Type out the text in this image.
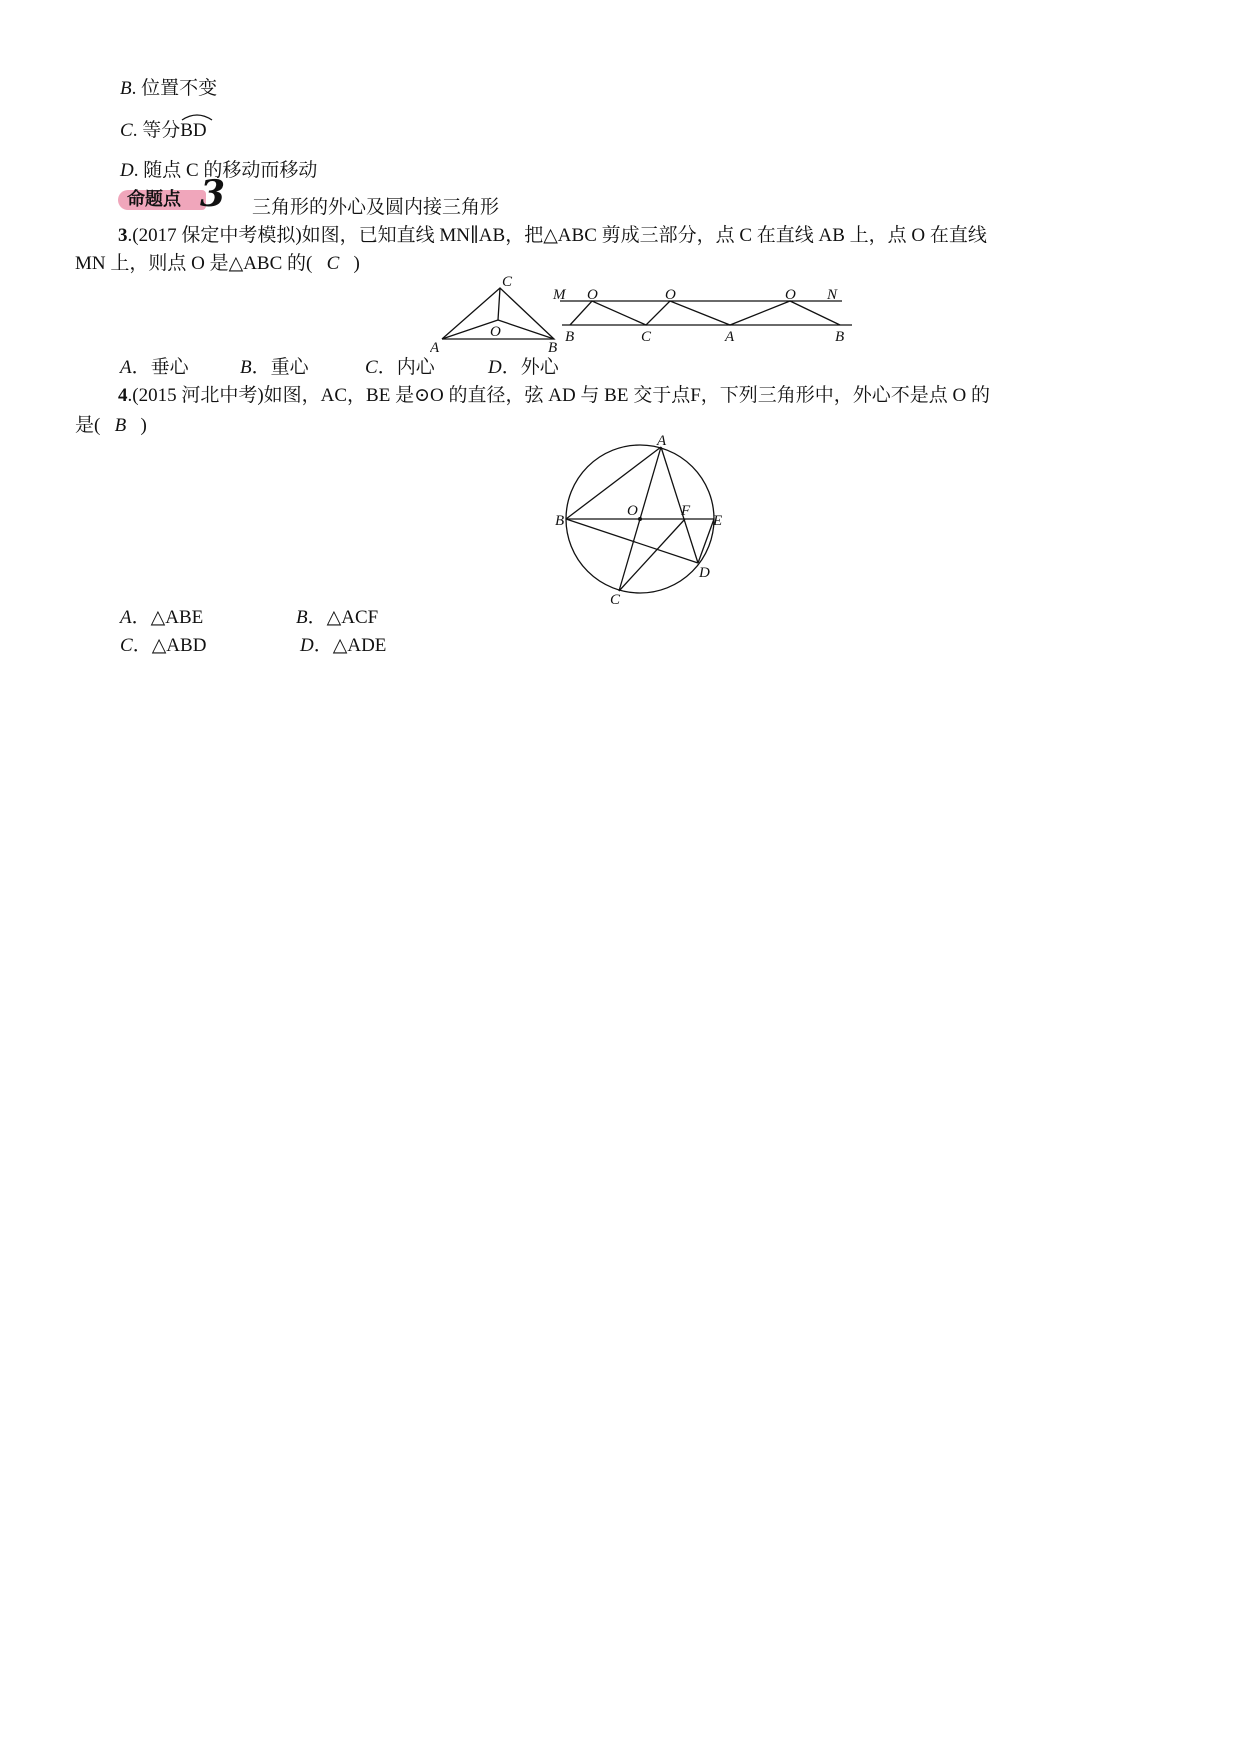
B. 位置不变
C. 等分
BD
D. 随点 C 的移动而移动
命题点 3 三角形的外心及圆内接三角形
3.(2017 保定中考模拟)如图，已知直线 MN∥AB，把△ABC 剪成三部分，点 C 在直线 AB 上，点 O 在直线
MN 上，则点 O 是△ABC 的( C )
C
O
A	B
M O	O	O N
B	C	A	B
A．垂心	B．重心	C．内心	D．外心
4.(2015 河北中考)如图，AC，BE 是⊙O 的直径，弦 AD 与 BE 交于点F，下列三角形中，外心不是点 O 的
是( B )
A
B
O	F
E
D
C
A．△ABE	B．△ACF
C．△ABD	D．△ADE
